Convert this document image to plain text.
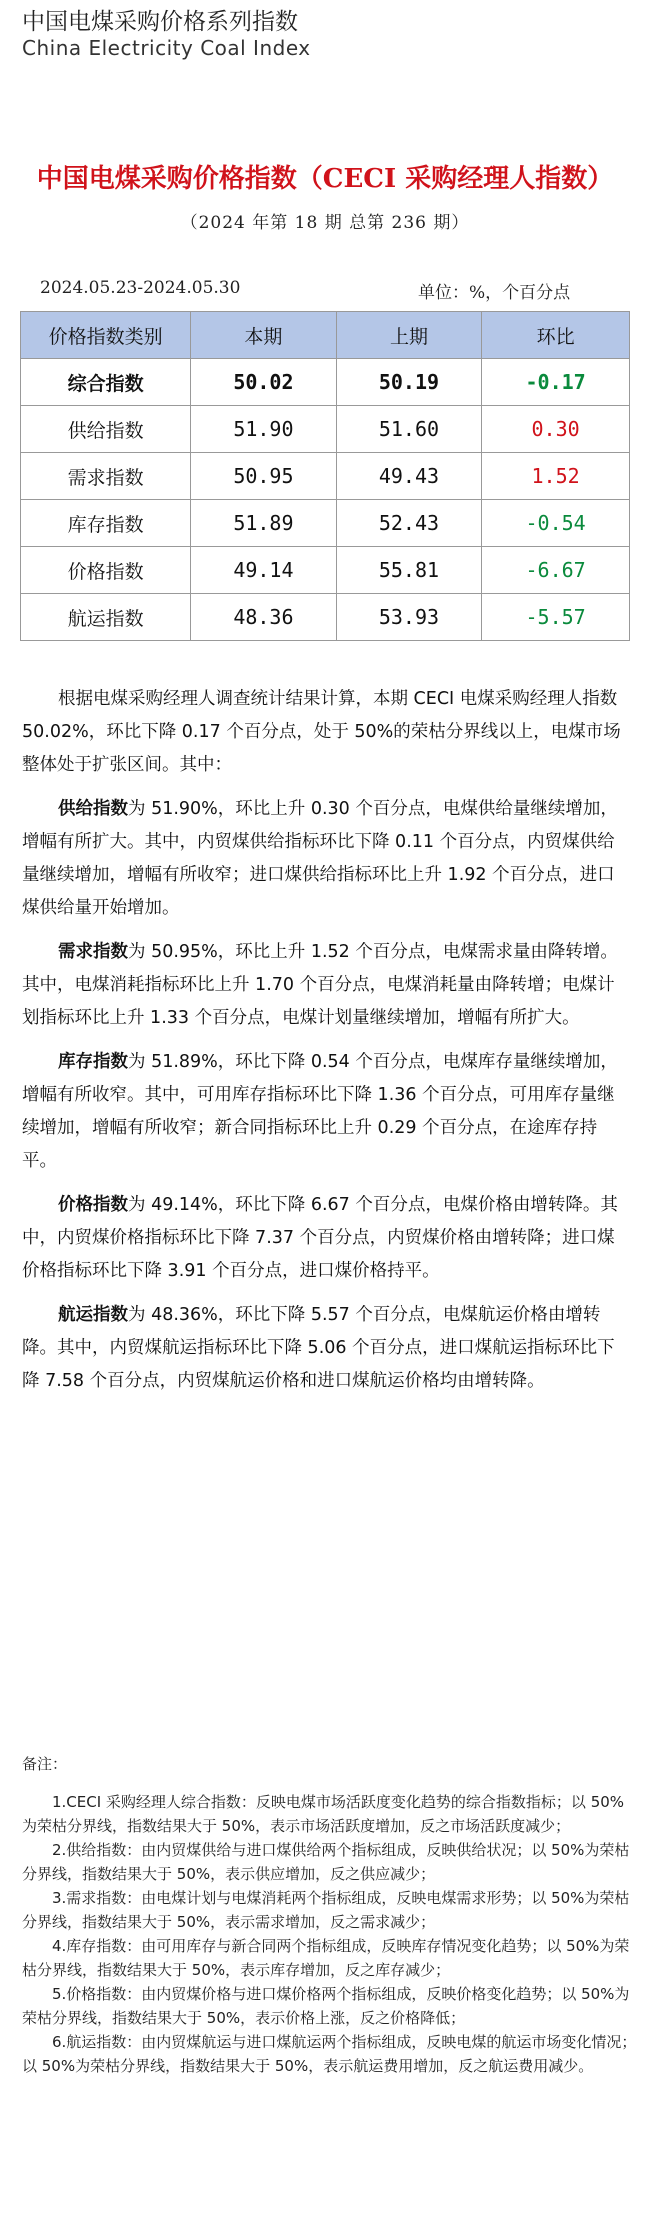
中国电煤采购价格系列指数
China Electricity Coal Index
中国电煤采购价格指数（CECI 采购经理人指数）
（2024 年第 18 期 总第 236 期）
2024.05.23-2024.05.30	单位：%，个百分点
价格指数类别	本期	上期	环比
综合指数	50.02	50.19	-0.17
供给指数	51.90	51.60	0.30
需求指数	50.95	49.43	1.52
库存指数	51.89	52.43	-0.54
价格指数	49.14	55.81	-6.67
航运指数	48.36	53.93	-5.57

根据电煤采购经理人调查统计结果计算，本期 CECI 电煤采购经理人指数 50.02%，环比下降 0.17 个百分点，处于 50%的荣枯分界线以上，电煤市场整体处于扩张区间。其中：

供给指数为 51.90%，环比上升 0.30 个百分点，电煤供给量继续增加，增幅有所扩大。其中，内贸煤供给指标环比下降 0.11 个百分点，内贸煤供给量继续增加，增幅有所收窄；进口煤供给指标环比上升 1.92 个百分点，进口煤供给量开始增加。

需求指数为 50.95%，环比上升 1.52 个百分点，电煤需求量由降转增。其中，电煤消耗指标环比上升 1.70 个百分点，电煤消耗量由降转增；电煤计划指标环比上升 1.33 个百分点，电煤计划量继续增加，增幅有所扩大。

库存指数为 51.89%，环比下降 0.54 个百分点，电煤库存量继续增加，增幅有所收窄。其中，可用库存指标环比下降 1.36 个百分点，可用库存量继续增加，增幅有所收窄；新合同指标环比上升 0.29 个百分点，在途库存持平。

价格指数为 49.14%，环比下降 6.67 个百分点，电煤价格由增转降。其中，内贸煤价格指标环比下降 7.37 个百分点，内贸煤价格由增转降；进口煤价格指标环比下降 3.91 个百分点，进口煤价格持平。

航运指数为 48.36%，环比下降 5.57 个百分点，电煤航运价格由增转降。其中，内贸煤航运指标环比下降 5.06 个百分点，进口煤航运指标环比下降 7.58 个百分点，内贸煤航运价格和进口煤航运价格均由增转降。

备注：

1.CECI 采购经理人综合指数：反映电煤市场活跃度变化趋势的综合指数指标；以 50%为荣枯分界线，指数结果大于 50%，表示市场活跃度增加，反之市场活跃度减少；

2.供给指数：由内贸煤供给与进口煤供给两个指标组成，反映供给状况；以 50%为荣枯分界线，指数结果大于 50%，表示供应增加，反之供应减少；

3.需求指数：由电煤计划与电煤消耗两个指标组成，反映电煤需求形势；以 50%为荣枯分界线，指数结果大于 50%，表示需求增加，反之需求减少；

4.库存指数：由可用库存与新合同两个指标组成，反映库存情况变化趋势；以 50%为荣枯分界线，指数结果大于 50%，表示库存增加，反之库存减少；

5.价格指数：由内贸煤价格与进口煤价格两个指标组成，反映价格变化趋势；以 50%为荣枯分界线，指数结果大于 50%，表示价格上涨，反之价格降低；

6.航运指数：由内贸煤航运与进口煤航运两个指标组成，反映电煤的航运市场变化情况；以 50%为荣枯分界线，指数结果大于 50%，表示航运费用增加，反之航运费用减少。
